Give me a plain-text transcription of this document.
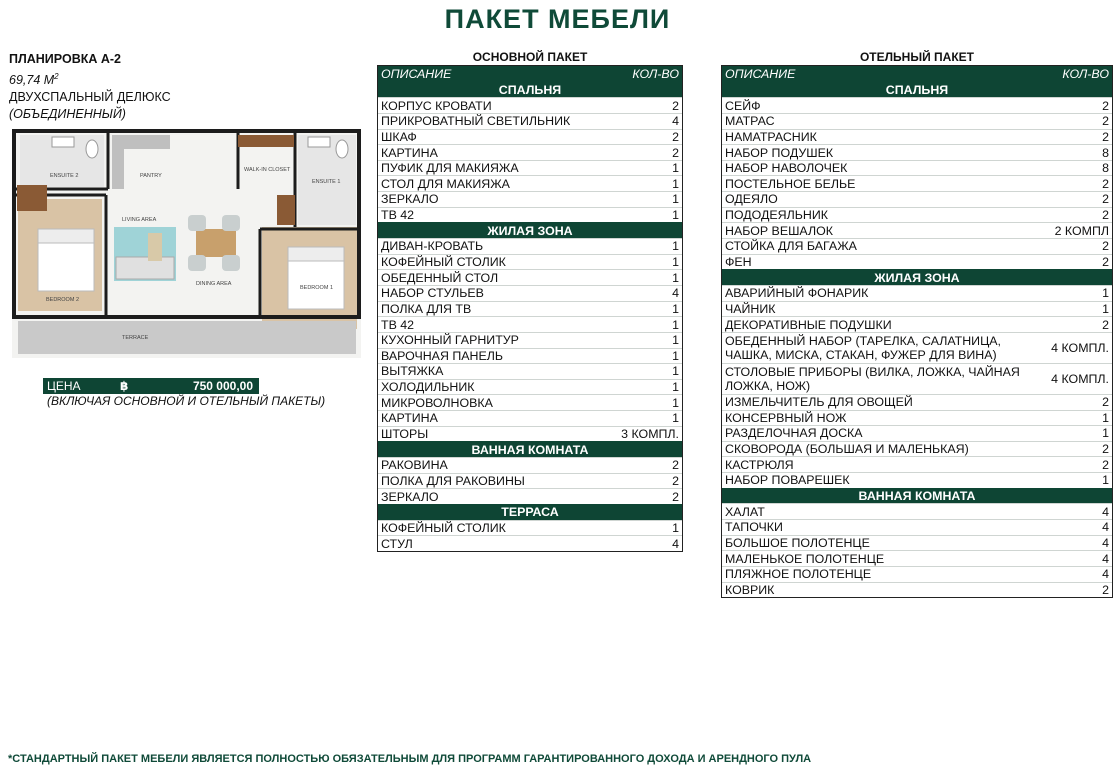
ПАКЕТ МЕБЕЛИ
ПЛАНИРОВКА А-2
69,74 $М^2$
ДВУХСПАЛЬНЫЙ ДЕЛЮКС
(ОБЪЕДИНЕННЫЙ)
ENSUITE 2	PANTRY
WALK-IN CLOSET
ENSUITE 1
LIVING AREA
BEDROOM 2
DINING AREA
BEDROOM 1
TERRACE
ЦЕНА	฿	750 000,00
(ВКЛЮЧАЯ ОСНОВНОЙ И ОТЕЛЬНЫЙ ПАКЕТЫ)
ОСНОВНОЙ ПАКЕТ
ОПИСАНИЕ	КОЛ-ВО
СПАЛЬНЯ
КОРПУС КРОВАТИ	2
ПРИКРОВАТНЫЙ СВЕТИЛЬНИК	4
ШКАФ	2
КАРТИНА	2
ПУФИК ДЛЯ МАКИЯЖА	1
СТОЛ ДЛЯ МАКИЯЖА	1
ЗЕРКАЛО	1
ТВ 42	1
ЖИЛАЯ ЗОНА
ДИВАН-КРОВАТЬ	1
КОФЕЙНЫЙ СТОЛИК	1
ОБЕДЕННЫЙ СТОЛ	1
НАБОР СТУЛЬЕВ	4
ПОЛКА ДЛЯ ТВ	1
ТВ 42	1
КУХОННЫЙ ГАРНИТУР	1
ВАРОЧНАЯ ПАНЕЛЬ	1
ВЫТЯЖКА	1
ХОЛОДИЛЬНИК	1
МИКРОВОЛНОВКА	1
КАРТИНА	1
ШТОРЫ	3 КОМПЛ.
ВАННАЯ КОМНАТА
РАКОВИНА	2
ПОЛКА ДЛЯ РАКОВИНЫ	2
ЗЕРКАЛО	2
ТЕРРАСА
КОФЕЙНЫЙ СТОЛИК	1
СТУЛ	4
ОТЕЛЬНЫЙ ПАКЕТ
ОПИСАНИЕ	КОЛ-ВО
СПАЛЬНЯ
СЕЙФ	2
МАТРАС	2
НАМАТРАСНИК	2
НАБОР ПОДУШЕК	8
НАБОР НАВОЛОЧЕК	8
ПОСТЕЛЬНОЕ БЕЛЬЕ	2
ОДЕЯЛО	2
ПОДОДЕЯЛЬНИК	2
НАБОР ВЕШАЛОК	2 КОМПЛ
СТОЙКА ДЛЯ БАГАЖА	2
ФЕН	2
ЖИЛАЯ ЗОНА
АВАРИЙНЫЙ ФОНАРИК	1
ЧАЙНИК	1
ДЕКОРАТИВНЫЕ ПОДУШКИ	2
ОБЕДЕННЫЙ НАБОР (ТАРЕЛКА, САЛАТНИЦА, ЧАШКА, МИСКА, СТАКАН, ФУЖЕР ДЛЯ ВИНА)	4 КОМПЛ.
СТОЛОВЫЕ ПРИБОРЫ (ВИЛКА, ЛОЖКА, ЧАЙНАЯ ЛОЖКА, НОЖ)	4 КОМПЛ.
ИЗМЕЛЬЧИТЕЛЬ ДЛЯ ОВОЩЕЙ	2
КОНСЕРВНЫЙ НОЖ	1
РАЗДЕЛОЧНАЯ ДОСКА	1
СКОВОРОДА (БОЛЬШАЯ И МАЛЕНЬКАЯ)	2
КАСТРЮЛЯ	2
НАБОР ПОВАРЕШЕК	1
ВАННАЯ КОМНАТА
ХАЛАТ	4
ТАПОЧКИ	4
БОЛЬШОЕ ПОЛОТЕНЦЕ	4
МАЛЕНЬКОЕ ПОЛОТЕНЦЕ	4
ПЛЯЖНОЕ ПОЛОТЕНЦЕ	4
КОВРИК	2
*СТАНДАРТНЫЙ ПАКЕТ МЕБЕЛИ ЯВЛЯЕТСЯ ПОЛНОСТЬЮ ОБЯЗАТЕЛЬНЫМ ДЛЯ ПРОГРАММ ГАРАНТИРОВАННОГО ДОХОДА И АРЕНДНОГО ПУЛА
